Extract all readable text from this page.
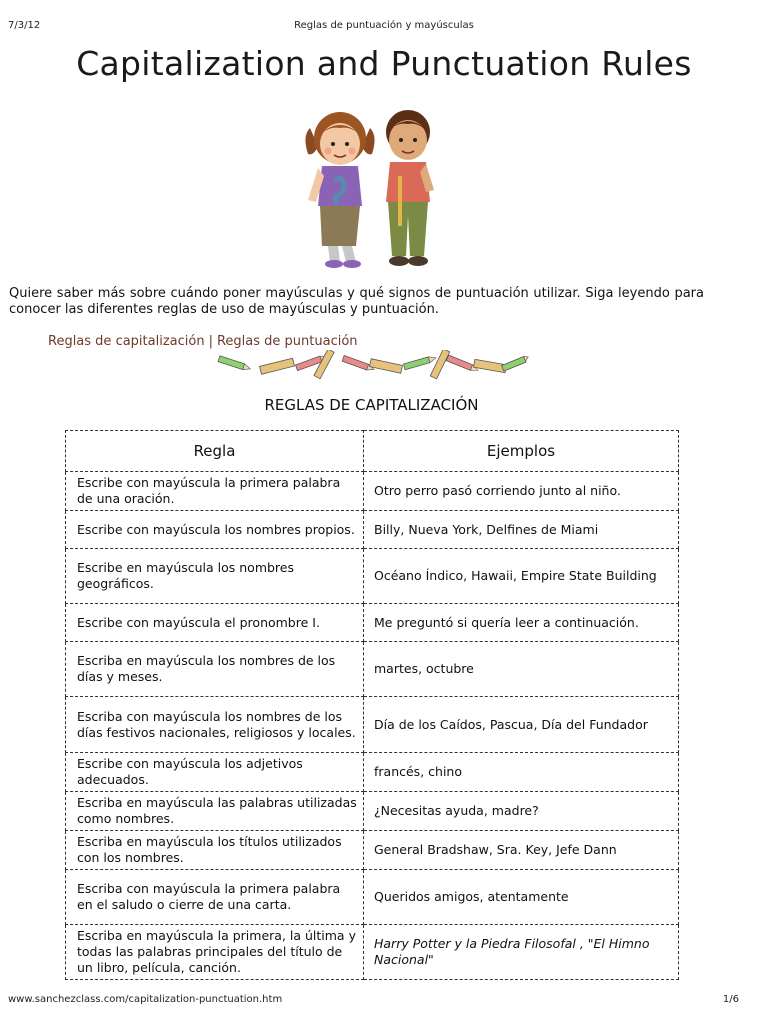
7/3/12	Reglas de puntuación y mayúsculas
Capitalization and Punctuation Rules
Quiere saber más sobre cuándo poner mayúsculas y qué signos de puntuación utilizar. Siga leyendo para conocer las diferentes reglas de uso de mayúsculas y puntuación.
Reglas de capitalización | Reglas de puntuación
REGLAS DE CAPITALIZACIÓN
Regla	Ejemplos
Escribe con mayúscula la primera palabra de una oración.	Otro perro pasó corriendo junto al niño.
Escribe con mayúscula los nombres propios.	Billy, Nueva York, Delfines de Miami
Escribe en mayúscula los nombres geográficos.	Océano Índico, Hawaii, Empire State Building
Escribe con mayúscula el pronombre I.	Me preguntó si quería leer a continuación.
Escriba en mayúscula los nombres de los días y meses.	martes, octubre
Escriba con mayúscula los nombres de los días festivos nacionales, religiosos y locales.	Día de los Caídos, Pascua, Día del Fundador
Escribe con mayúscula los adjetivos adecuados.	francés, chino
Escriba en mayúscula las palabras utilizadas como nombres.	¿Necesitas ayuda, madre?
Escriba en mayúscula los títulos utilizados con los nombres.	General Bradshaw, Sra. Key, Jefe Dann
Escriba con mayúscula la primera palabra en el saludo o cierre de una carta.	Queridos amigos, atentamente
Escriba en mayúscula la primera, la última y todas las palabras principales del título de un libro, película, canción.	Harry Potter y la Piedra Filosofal , "El Himno Nacional"
www.sanchezclass.com/capitalization-punctuation.htm	1/6
